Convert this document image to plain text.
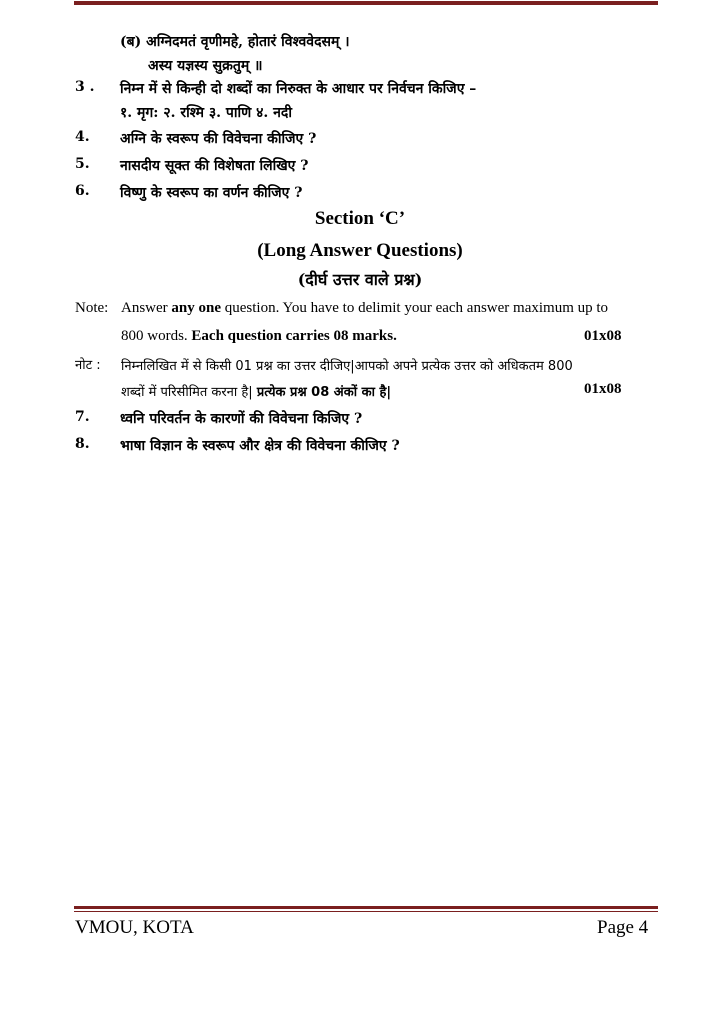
(ब) अग्निदमतं वृणीमहे, होतारं विश्ववेदसम् ।
अस्य यज्ञस्य सुक्रतुम् ॥
3 . निम्न में से किन्ही दो शब्दों का निरुक्त के आधार पर निर्वचन किजिए –
१. मृग: २. रश्मि ३. पाणि ४. नदी
4. अग्नि के स्वरूप की विवेचना कीजिए ?
5. नासदीय सूक्त की विशेषता लिखिए ?
6. विष्णु के स्वरूप का वर्णन कीजिए ?
Section ‘C’
(Long Answer Questions)
(दीर्घ उत्तर वाले प्रश्न)
Note: Answer any one question. You have to delimit your each answer maximum up to
800 words. Each question carries 08 marks.	01x08
नोट : निम्नलिखित में से किसी 01 प्रश्न का उत्तर दीजिए|आपको अपने प्रत्येक उत्तर को अधिकतम 800
शब्दों में परिसीमित करना है| प्रत्येक प्रश्न 08 अंकों का है|	01x08
7. ध्वनि परिवर्तन के कारणों की विवेचना किजिए ?
8. भाषा विज्ञान के स्वरूप और क्षेत्र की विवेचना कीजिए ?
VMOU, KOTA	Page 4
